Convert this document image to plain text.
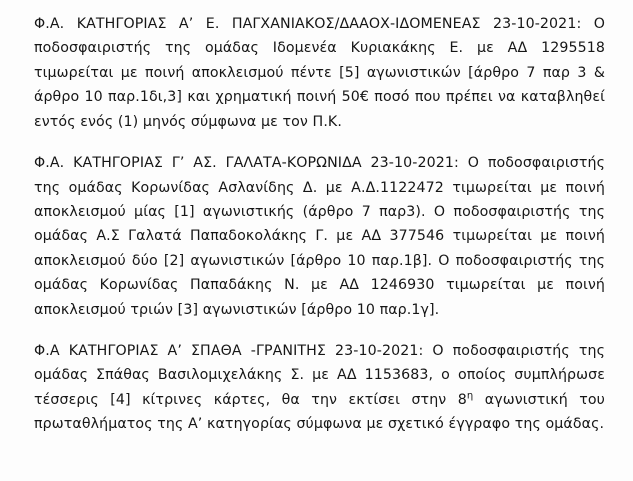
Φ.Α. ΚΑΤΗΓΟΡΙΑΣ Α’ Ε. ΠΑΓΧΑΝΙΑΚΟΣ/ΔΑΑΟΧ-ΙΔΟΜΕΝΕΑΣ 23-10-2021: Ο ποδοσφαιριστής της ομάδας Ιδομενέα Κυριακάκης Ε. με ΑΔ 1295518 τιμωρείται με ποινή αποκλεισμού πέντε [5] αγωνιστικών [άρθρο 7 παρ 3 & άρθρο 10 παρ.1δι,3] και χρηματική ποινή 50€ ποσό που πρέπει να καταβληθεί εντός ενός (1) μηνός σύμφωνα με τον Π.Κ.

Φ.Α. ΚΑΤΗΓΟΡΙΑΣ Γ’ ΑΣ. ΓΑΛΑΤΑ-ΚΟΡΩΝΙΔΑ 23-10-2021: Ο ποδοσφαιριστής της ομάδας Κορωνίδας Ασλανίδης Δ. με Α.Δ.1122472 τιμωρείται με ποινή αποκλεισμού μίας [1] αγωνιστικής (άρθρο 7 παρ3). Ο ποδοσφαιριστής της ομάδας Α.Σ Γαλατά Παπαδοκολάκης Γ. με ΑΔ 377546 τιμωρείται με ποινή αποκλεισμού δύο [2] αγωνιστικών [άρθρο 10 παρ.1β]. Ο ποδοσφαιριστής της ομάδας Κορωνίδας Παπαδάκης Ν. με ΑΔ 1246930 τιμωρείται με ποινή αποκλεισμού τριών [3] αγωνιστικών [άρθρο 10 παρ.1γ].

Φ.Α ΚΑΤΗΓΟΡΙΑΣ Α’ ΣΠΑΘΑ -ΓΡΑΝΙΤΗΣ 23-10-2021: Ο ποδοσφαιριστής της ομάδας Σπάθας Βασιλομιχελάκης Σ. με ΑΔ 1153683, ο οποίος συμπλήρωσε τέσσερις [4] κίτρινες κάρτες, θα την εκτίσει στην $8^\eta$ αγωνιστική του πρωταθλήματος της Α’ κατηγορίας σύμφωνα με σχετικό έγγραφο της ομάδας.
